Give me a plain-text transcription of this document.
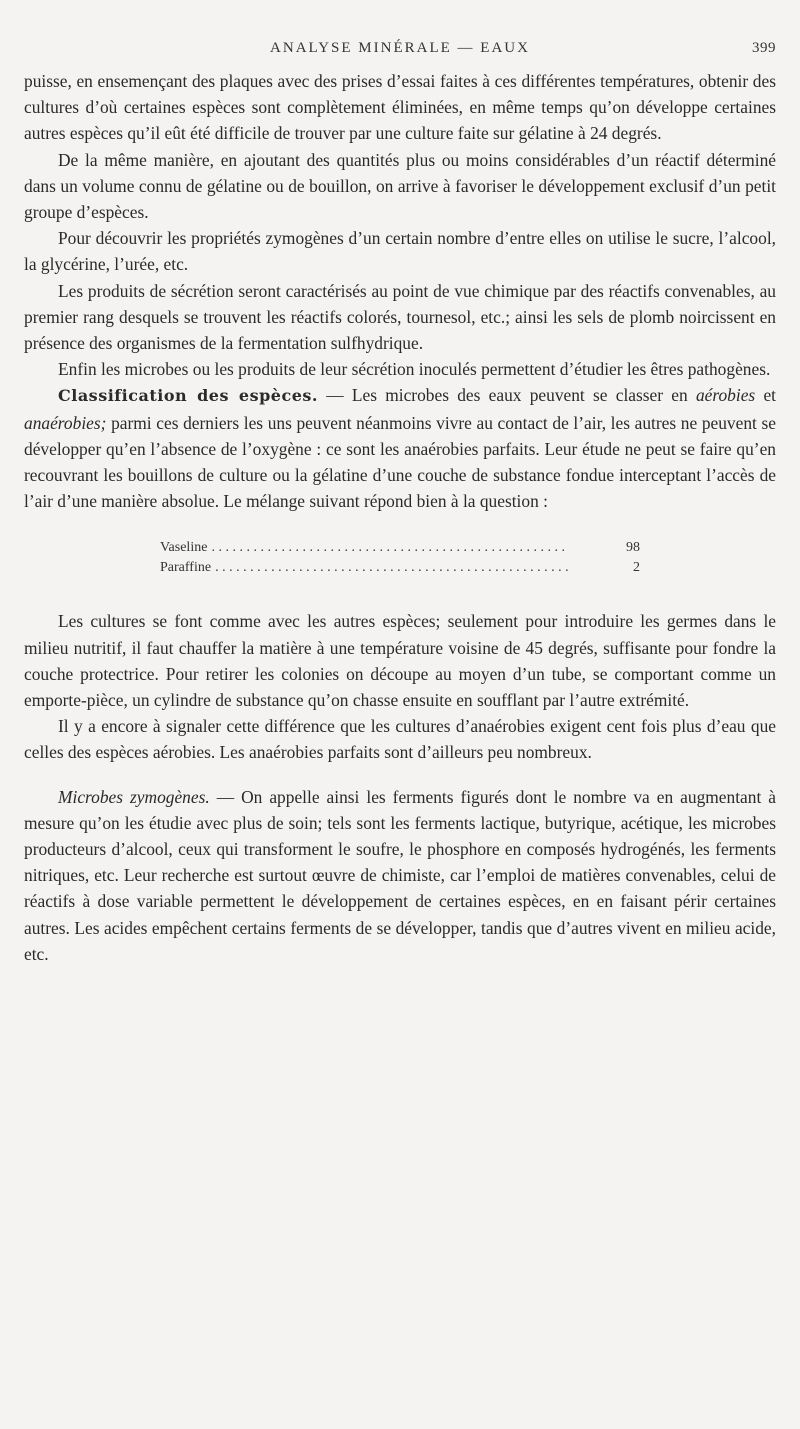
ANALYSE MINÉRALE — EAUX	399

puisse, en ensemençant des plaques avec des prises d’essai faites à ces différentes températures, obtenir des cultures d’où certaines espèces sont complètement éliminées, en même temps qu’on développe certaines autres espèces qu’il eût été difficile de trouver par une culture faite sur gélatine à 24 degrés.

De la même manière, en ajoutant des quantités plus ou moins considérables d’un réactif déterminé dans un volume connu de gélatine ou de bouillon, on arrive à favoriser le développement exclusif d’un petit groupe d’espèces.

Pour découvrir les propriétés zymogènes d’un certain nombre d’entre elles on utilise le sucre, l’alcool, la glycérine, l’urée, etc.

Les produits de sécrétion seront caractérisés au point de vue chimique par des réactifs convenables, au premier rang desquels se trouvent les réactifs colorés, tournesol, etc.; ainsi les sels de plomb noircissent en présence des organismes de la fermentation sulfhydrique.

Enfin les microbes ou les produits de leur sécrétion inoculés permettent d’étudier les êtres pathogènes.

Classification des espèces. — Les microbes des eaux peuvent se classer en aérobies et anaérobies; parmi ces derniers les uns peuvent néanmoins vivre au contact de l’air, les autres ne peuvent se développer qu’en l’absence de l’oxygène : ce sont les anaérobies parfaits. Leur étude ne peut se faire qu’en recouvrant les bouillons de culture ou la gélatine d’une couche de substance fondue interceptant l’accès de l’air d’une manière absolue. Le mélange suivant répond bien à la question :

Vaseline ...................................................	98
Paraffine ...................................................	2

Les cultures se font comme avec les autres espèces; seulement pour introduire les germes dans le milieu nutritif, il faut chauffer la matière à une température voisine de 45 degrés, suffisante pour fondre la couche protectrice. Pour retirer les colonies on découpe au moyen d’un tube, se comportant comme un emporte-pièce, un cylindre de substance qu’on chasse ensuite en soufflant par l’autre extrémité.

Il y a encore à signaler cette différence que les cultures d’anaérobies exigent cent fois plus d’eau que celles des espèces aérobies. Les anaérobies parfaits sont d’ailleurs peu nombreux.

Microbes zymogènes. — On appelle ainsi les ferments figurés dont le nombre va en augmentant à mesure qu’on les étudie avec plus de soin; tels sont les ferments lactique, butyrique, acétique, les microbes producteurs d’alcool, ceux qui transforment le soufre, le phosphore en composés hydrogénés, les ferments nitriques, etc. Leur recherche est surtout œuvre de chimiste, car l’emploi de matières convenables, celui de réactifs à dose variable permettent le développement de certaines espèces, en en faisant périr certaines autres. Les acides empêchent certains ferments de se développer, tandis que d’autres vivent en milieu acide, etc.
